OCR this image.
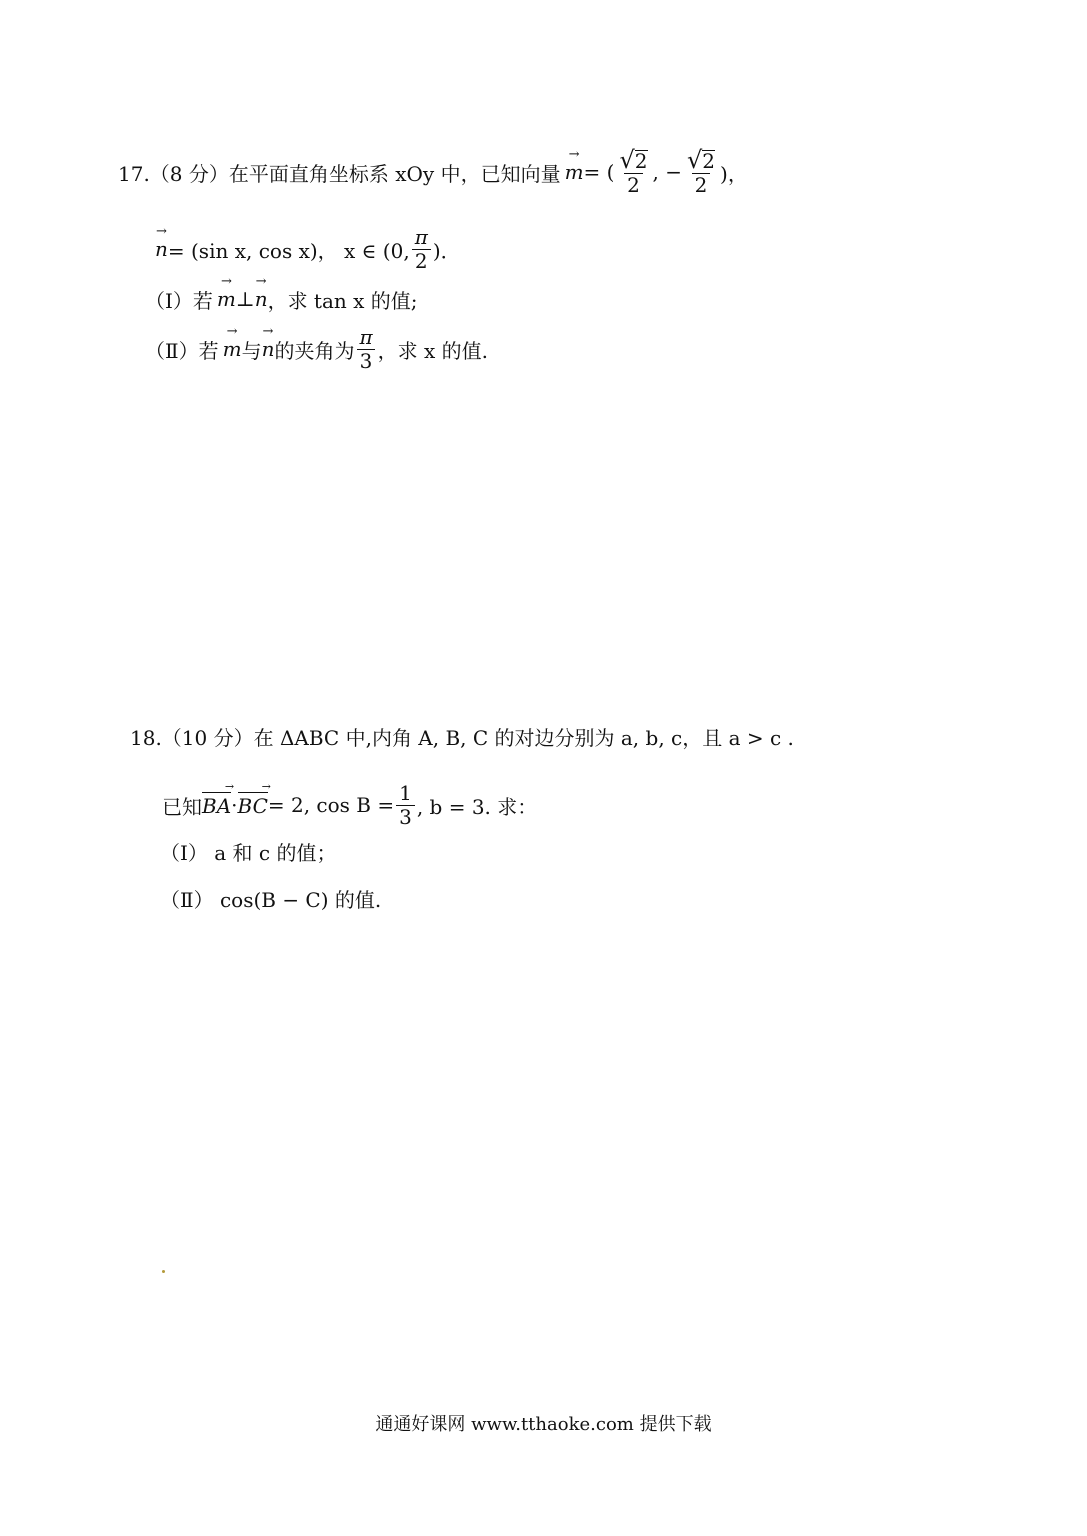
17.（8 分）在平面直角坐标系 xOy 中，已知向量 → m = ( $\frac{√ 2}{2}$ , − $\frac{√ 2}{2}$ )，
→ n = (sin x, cos x)， x ∈ (0, $\frac{\pi}{2}$ )．
（Ⅰ）若 → m ⊥ → n ，求 tan x 的值;
（Ⅱ）若 → m 与 → n 的夹角为 $\frac{\pi}{3}$ ，求 x 的值.
18.（10 分）在 ΔABC 中,内角 A, B, C 的对边分别为 a, b, c，且 a > c .
已知 BA
→
· BC
→
= 2, $\cos B = \frac{1}{3}$ , b = 3. 求：
（Ⅰ） a 和 c 的值；
（Ⅱ） cos(B − C) 的值.
通通好课网 www.tthaoke.com 提供下载
